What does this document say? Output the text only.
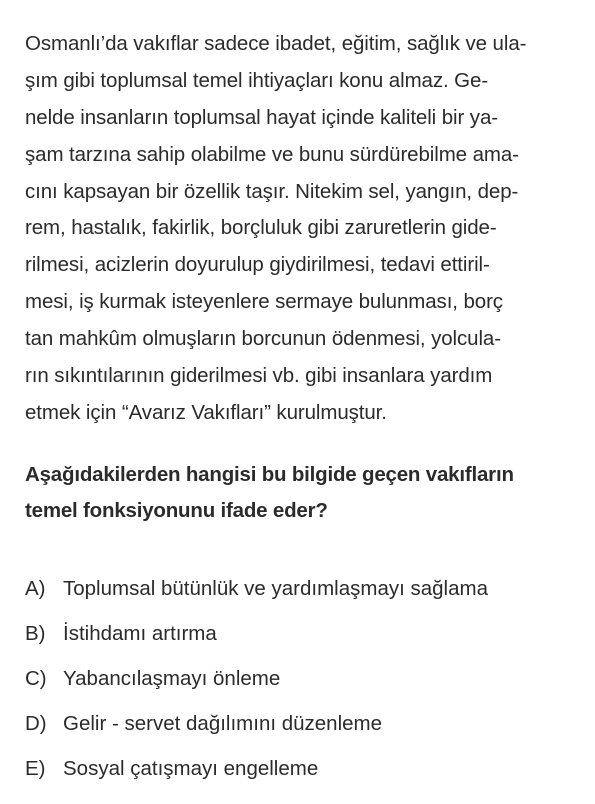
Osmanlı’da vakıflar sadece ibadet, eğitim, sağlık ve ula-
şım gibi toplumsal temel ihtiyaçları konu almaz. Ge-
nelde insanların toplumsal hayat içinde kaliteli bir ya-
şam tarzına sahip olabilme ve bunu sürdürebilme ama-
cını kapsayan bir özellik taşır. Nitekim sel, yangın, dep-
rem, hastalık, fakirlik, borçluluk gibi zaruretlerin gide-
rilmesi, acizlerin doyurulup giydirilmesi, tedavi ettiril-
mesi, iş kurmak isteyenlere sermaye bulunması, borç
tan mahkûm olmuşların borcunun ödenmesi, yolcula-
rın sıkıntılarının giderilmesi vb. gibi insanlara yardım
etmek için “Avarız Vakıfları” kurulmuştur.
Aşağıdakilerden hangisi bu bilgide geçen vakıfların
temel fonksiyonunu ifade eder?
A) Toplumsal bütünlük ve yardımlaşmayı sağlama
B) İstihdamı artırma
C) Yabancılaşmayı önleme
D) Gelir - servet dağılımını düzenleme
E) Sosyal çatışmayı engelleme
